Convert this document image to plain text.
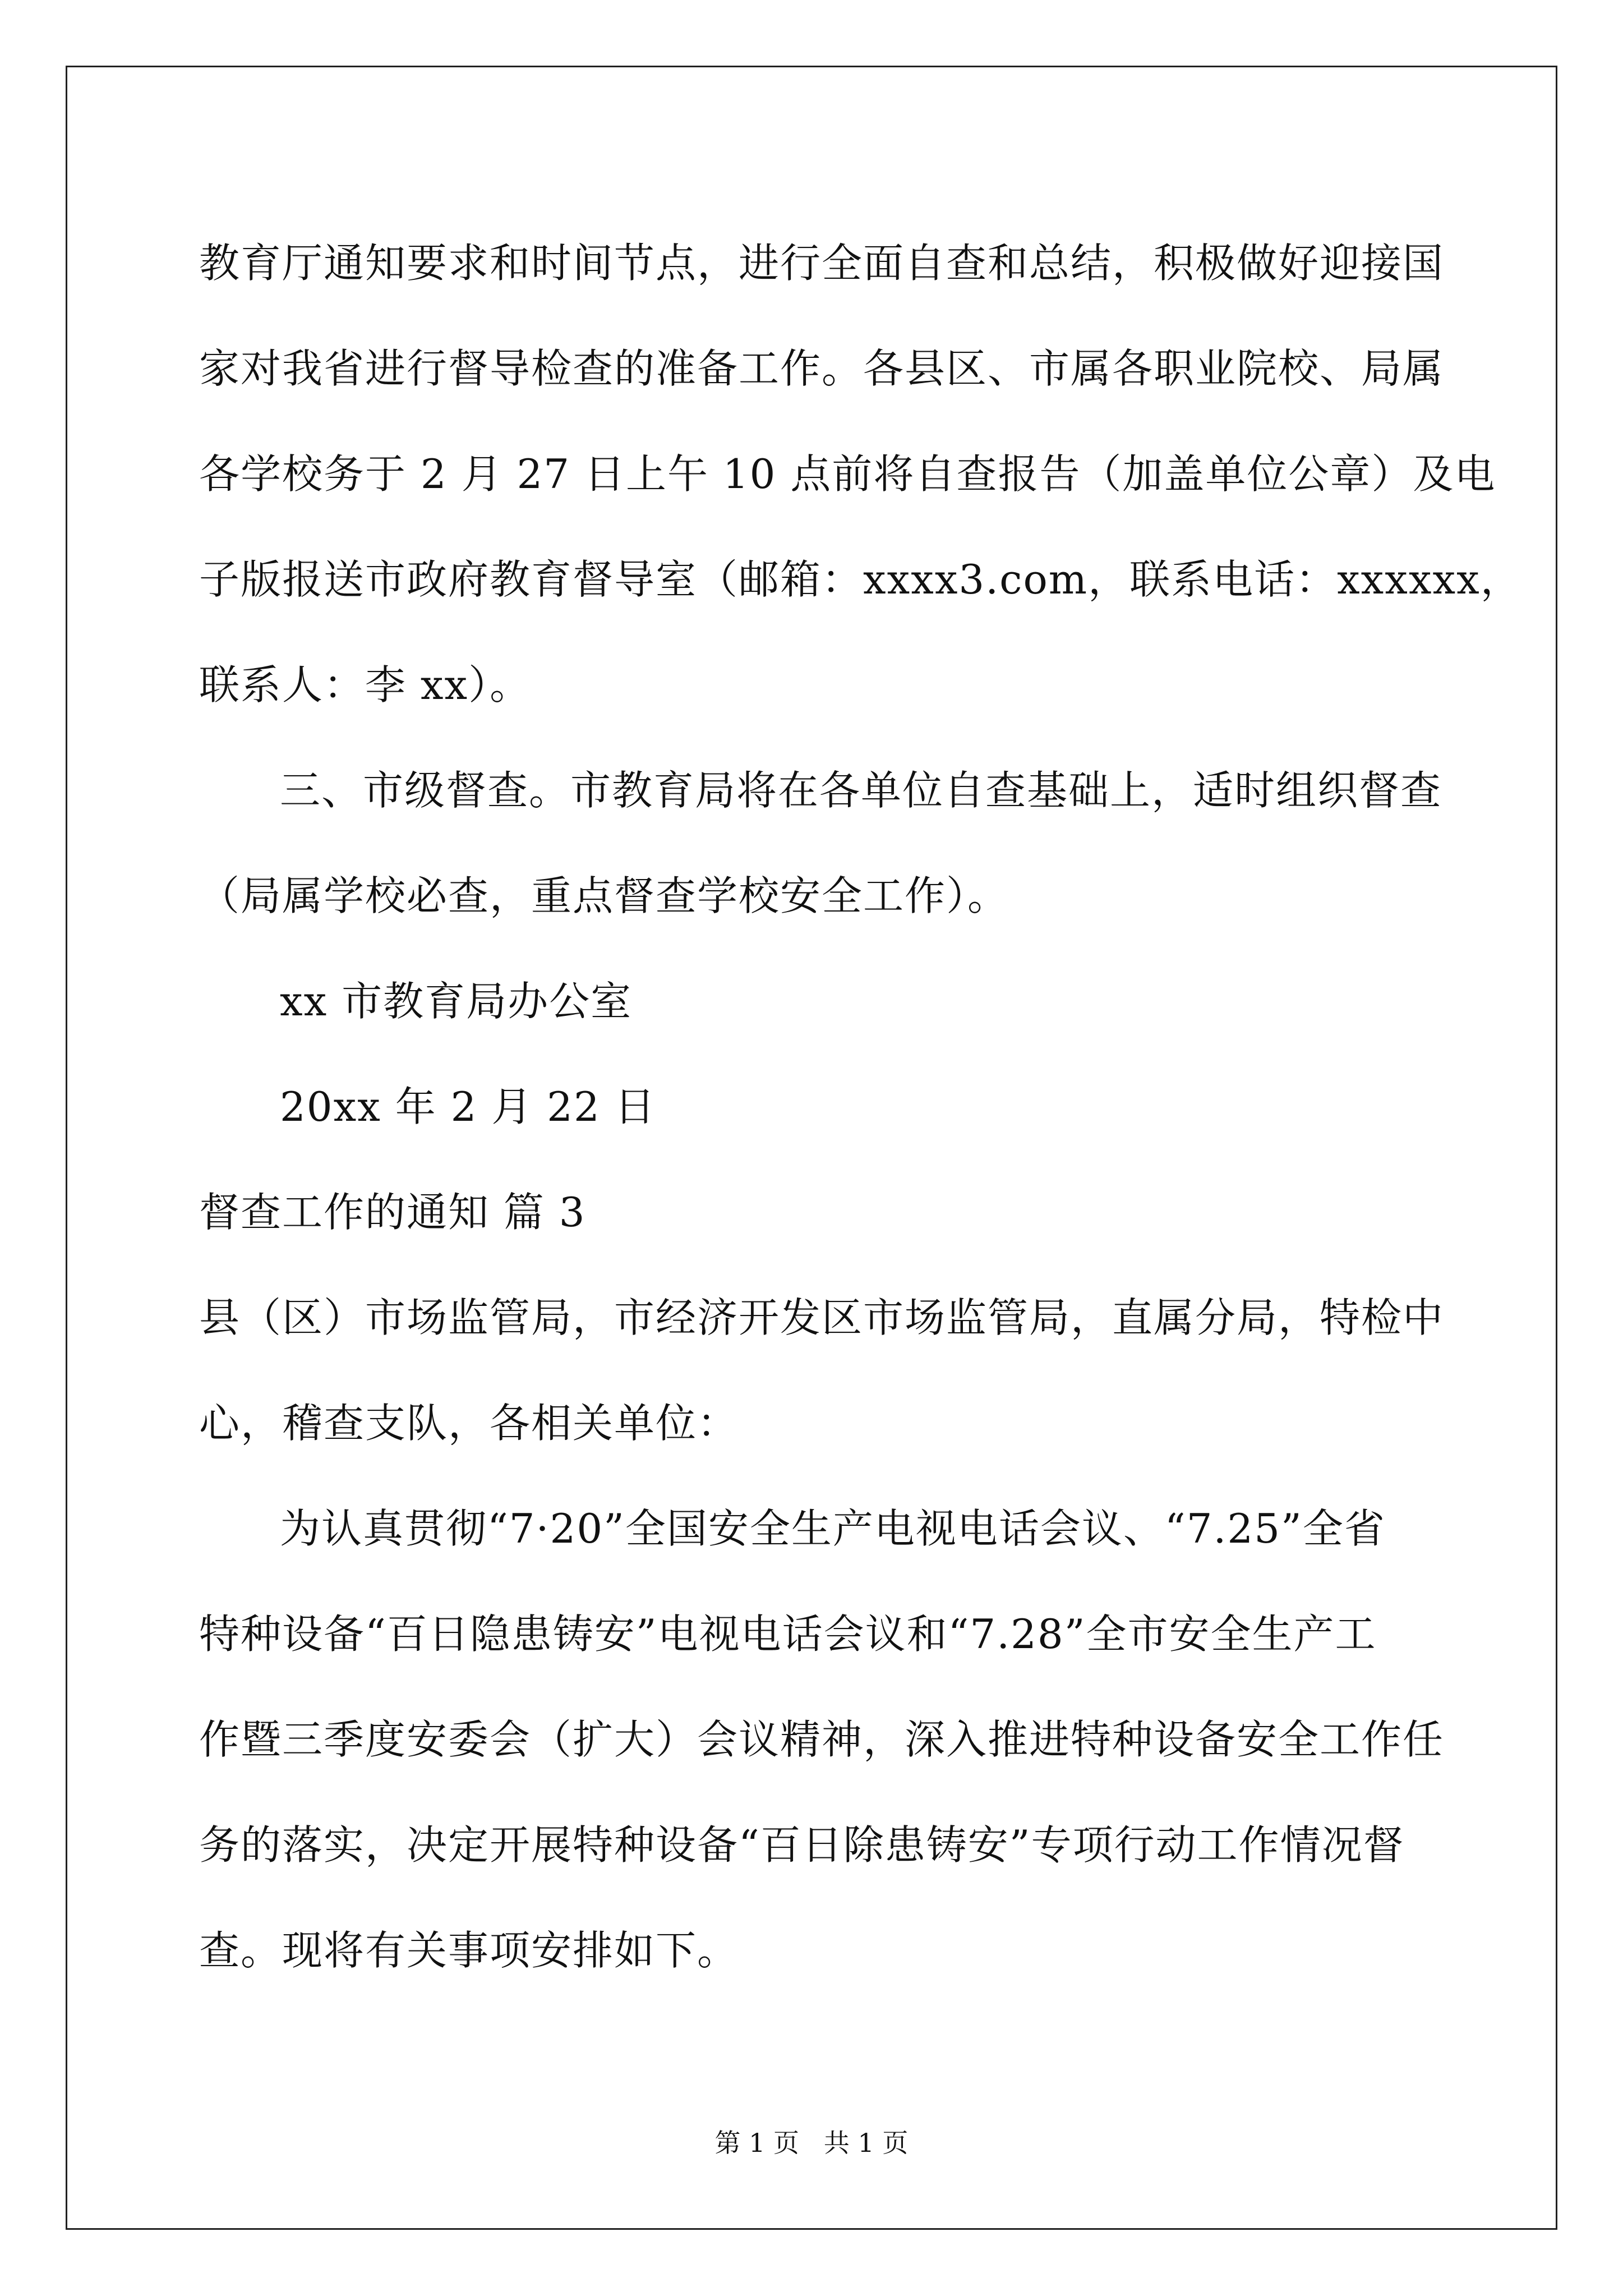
教育厅通知要求和时间节点，进行全面自查和总结，积极做好迎接国
家对我省进行督导检查的准备工作。各县区、市属各职业院校、局属
各学校务于 2 月 27 日上午 10 点前将自查报告（加盖单位公章）及电
子版报送市政府教育督导室（邮箱：xxxx3.com，联系电话：xxxxxx，
联系人：李 xx）。
三、市级督查。市教育局将在各单位自查基础上，适时组织督查
（局属学校必查，重点督查学校安全工作）。
xx 市教育局办公室
20xx 年 2 月 22 日
督查工作的通知 篇 3
县（区）市场监管局，市经济开发区市场监管局，直属分局，特检中
心，稽查支队，各相关单位：
为认真贯彻“7·20”全国安全生产电视电话会议、“7.25”全省
特种设备“百日隐患铸安”电视电话会议和“7.28”全市安全生产工
作暨三季度安委会（扩大）会议精神，深入推进特种设备安全工作任
务的落实，决定开展特种设备“百日除患铸安”专项行动工作情况督
查。现将有关事项安排如下。
第 1 页   共 1 页
